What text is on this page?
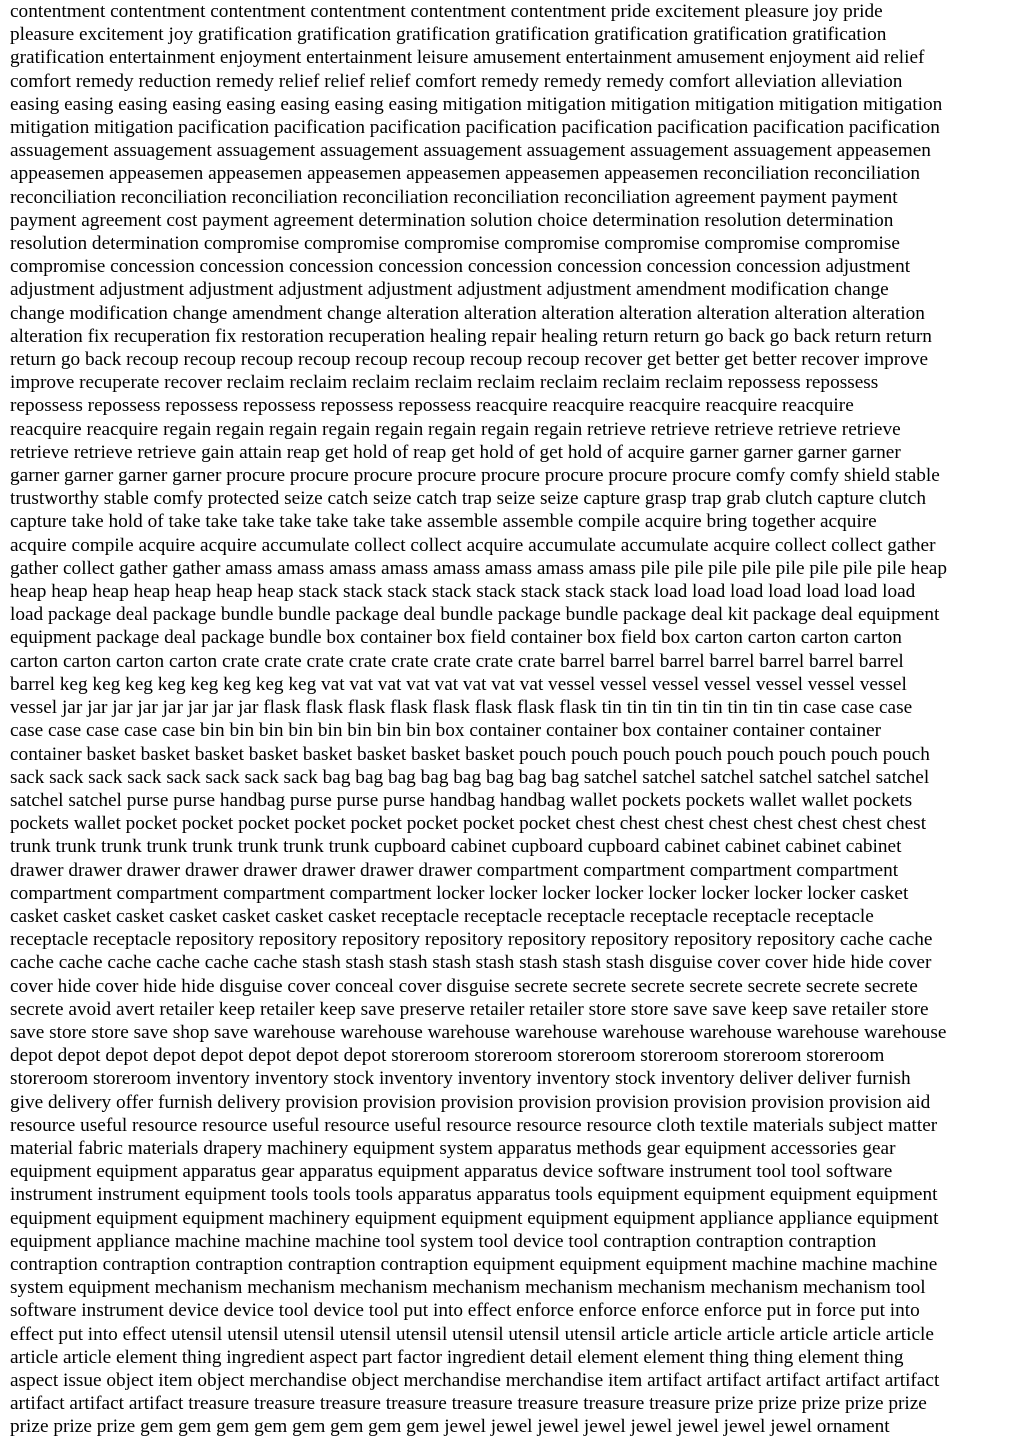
contentment contentment contentment contentment contentment contentment pride excitement pleasure joy pride
pleasure excitement joy gratification gratification gratification gratification gratification gratification gratification
gratification entertainment enjoyment entertainment leisure amusement entertainment amusement enjoyment aid relief
comfort remedy reduction remedy relief relief relief comfort remedy remedy remedy comfort alleviation alleviation
easing easing easing easing easing easing easing easing mitigation mitigation mitigation mitigation mitigation mitigation
mitigation mitigation pacification pacification pacification pacification pacification pacification pacification pacification
assuagement assuagement assuagement assuagement assuagement assuagement assuagement assuagement appeasemen
appeasemen appeasemen appeasemen appeasemen appeasemen appeasemen appeasemen reconciliation reconciliation
reconciliation reconciliation reconciliation reconciliation reconciliation reconciliation agreement payment payment
payment agreement cost payment agreement determination solution choice determination resolution determination
resolution determination compromise compromise compromise compromise compromise compromise compromise
compromise concession concession concession concession concession concession concession concession adjustment
adjustment adjustment adjustment adjustment adjustment adjustment adjustment amendment modification change
change modification change amendment change alteration alteration alteration alteration alteration alteration alteration
alteration fix recuperation fix restoration recuperation healing repair healing return return go back go back return return
return go back recoup recoup recoup recoup recoup recoup recoup recoup recover get better get better recover improve
improve recuperate recover reclaim reclaim reclaim reclaim reclaim reclaim reclaim reclaim repossess repossess
repossess repossess repossess repossess repossess repossess reacquire reacquire reacquire reacquire reacquire
reacquire reacquire regain regain regain regain regain regain regain regain retrieve retrieve retrieve retrieve retrieve
retrieve retrieve retrieve gain attain reap get hold of reap get hold of get hold of acquire garner garner garner garner
garner garner garner garner procure procure procure procure procure procure procure procure comfy comfy shield stable
trustworthy stable comfy protected seize catch seize catch trap seize seize capture grasp trap grab clutch capture clutch
capture take hold of take take take take take take take assemble assemble compile acquire bring together acquire
acquire compile acquire acquire accumulate collect collect acquire accumulate accumulate acquire collect collect gather
gather collect gather gather amass amass amass amass amass amass amass amass pile pile pile pile pile pile pile pile heap
heap heap heap heap heap heap heap stack stack stack stack stack stack stack stack load load load load load load load
load package deal package bundle bundle package deal bundle package bundle package deal kit package deal equipment
equipment package deal package bundle box container box field container box field box carton carton carton carton
carton carton carton carton crate crate crate crate crate crate crate crate barrel barrel barrel barrel barrel barrel barrel
barrel keg keg keg keg keg keg keg keg vat vat vat vat vat vat vat vat vessel vessel vessel vessel vessel vessel vessel
vessel jar jar jar jar jar jar jar jar flask flask flask flask flask flask flask flask tin tin tin tin tin tin tin tin case case case
case case case case case bin bin bin bin bin bin bin bin box container container box container container container
container basket basket basket basket basket basket basket basket pouch pouch pouch pouch pouch pouch pouch pouch
sack sack sack sack sack sack sack sack bag bag bag bag bag bag bag bag satchel satchel satchel satchel satchel satchel
satchel satchel purse purse handbag purse purse purse handbag handbag wallet pockets pockets wallet wallet pockets
pockets wallet pocket pocket pocket pocket pocket pocket pocket pocket chest chest chest chest chest chest chest chest
trunk trunk trunk trunk trunk trunk trunk trunk cupboard cabinet cupboard cupboard cabinet cabinet cabinet cabinet
drawer drawer drawer drawer drawer drawer drawer drawer compartment compartment compartment compartment
compartment compartment compartment compartment locker locker locker locker locker locker locker locker casket
casket casket casket casket casket casket casket receptacle receptacle receptacle receptacle receptacle receptacle
receptacle receptacle repository repository repository repository repository repository repository repository cache cache
cache cache cache cache cache cache stash stash stash stash stash stash stash stash disguise cover cover hide hide cover
cover hide cover hide hide disguise cover conceal cover disguise secrete secrete secrete secrete secrete secrete secrete
secrete avoid avert retailer keep retailer keep save preserve retailer retailer store store save save keep save retailer store
save store store save shop save warehouse warehouse warehouse warehouse warehouse warehouse warehouse warehouse
depot depot depot depot depot depot depot depot storeroom storeroom storeroom storeroom storeroom storeroom
storeroom storeroom inventory inventory stock inventory inventory inventory stock inventory deliver deliver furnish
give delivery offer furnish delivery provision provision provision provision provision provision provision provision aid
resource useful resource resource useful resource useful resource resource resource cloth textile materials subject matter
material fabric materials drapery machinery equipment system apparatus methods gear equipment accessories gear
equipment equipment apparatus gear apparatus equipment apparatus device software instrument tool tool software
instrument instrument equipment tools tools tools apparatus apparatus tools equipment equipment equipment equipment
equipment equipment equipment machinery equipment equipment equipment equipment appliance appliance equipment
equipment appliance machine machine machine tool system tool device tool contraption contraption contraption
contraption contraption contraption contraption contraption equipment equipment equipment machine machine machine
system equipment mechanism mechanism mechanism mechanism mechanism mechanism mechanism mechanism tool
software instrument device device tool device tool put into effect enforce enforce enforce enforce put in force put into
effect put into effect utensil utensil utensil utensil utensil utensil utensil utensil article article article article article article
article article element thing ingredient aspect part factor ingredient detail element element thing thing element thing
aspect issue object item object merchandise object merchandise merchandise item artifact artifact artifact artifact artifact
artifact artifact artifact treasure treasure treasure treasure treasure treasure treasure treasure prize prize prize prize prize
prize prize prize gem gem gem gem gem gem gem gem jewel jewel jewel jewel jewel jewel jewel jewel ornament
